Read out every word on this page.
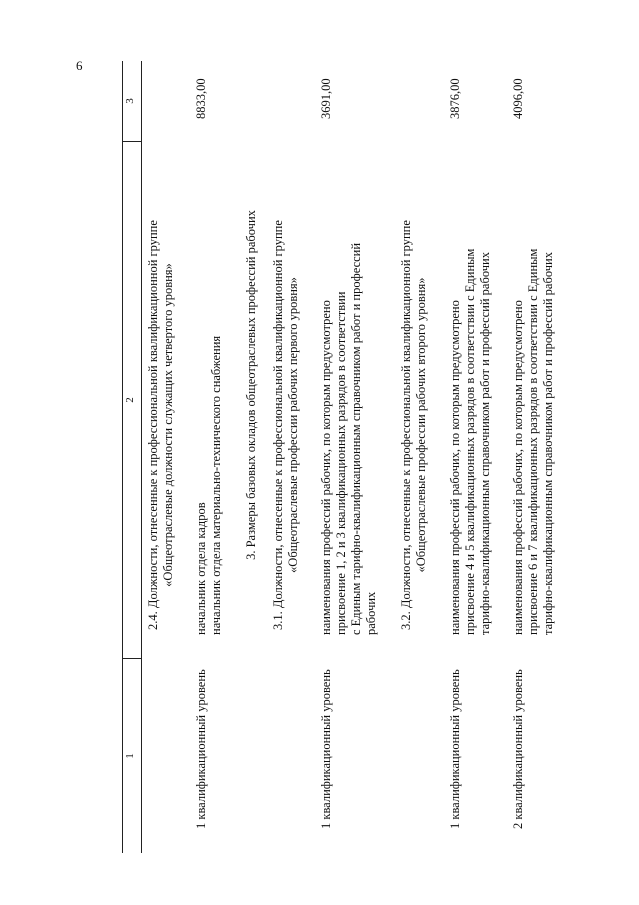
6
1
2
3
2.4. Должности, отнесенные к профессиональной квалификационной группе «Общеотраслевые должности служащих четвертого уровня»
1 квалификационный уровень
начальник отдела кадров начальник отдела материально-технического снабжения
8833,00
3. Размеры базовых окладов общеотраслевых профессий рабочих 3.1. Должности, отнесенные к профессиональной квалификационной группе «Общеотраслевые профессии рабочих первого уровня»
1 квалификационный уровень
наименования профессий рабочих, по которым предусмотрено присвоение 1, 2 и 3 квалификационных разрядов в соответствии с Единым тарифно-квалификационным справочником работ и профессий рабочих
3691,00
3.2. Должности, отнесенные к профессиональной квалификационной группе «Общеотраслевые профессии рабочих второго уровня»
1 квалификационный уровень
наименования профессий рабочих, по которым предусмотрено присвоение 4 и 5 квалификационных разрядов в соответствии с Единым тарифно-квалификационным справочником работ и профессий рабочих
3876,00
2 квалификационный уровень
наименования профессий рабочих, по которым предусмотрено присвоение 6 и 7 квалификационных разрядов в соответствии с Единым тарифно-квалификационным справочником работ и профессий рабочих
4096,00
